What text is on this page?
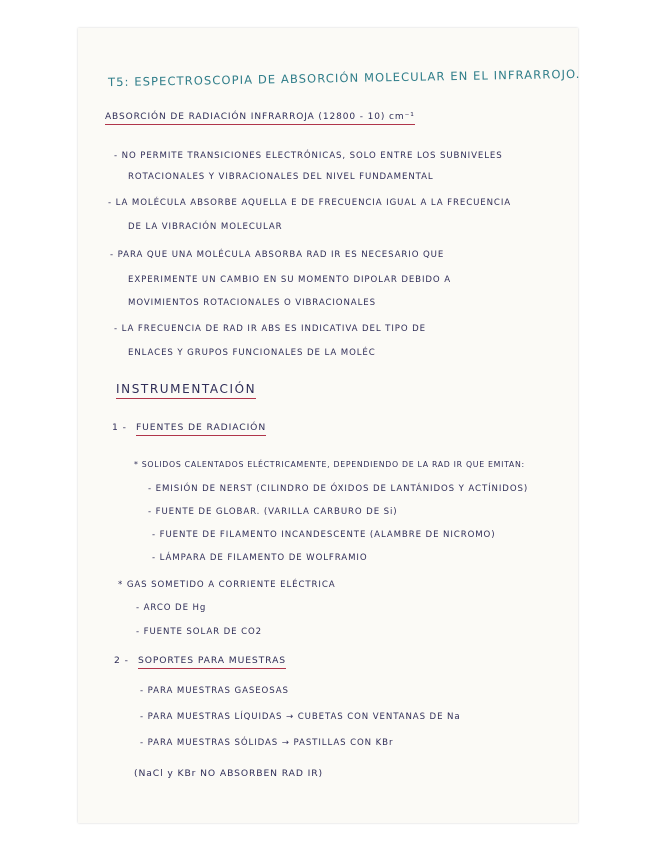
T5: ESPECTROSCOPIA DE ABSORCIÓN MOLECULAR EN EL INFRARROJO.
ABSORCIÓN DE RADIACIÓN INFRARROJA (12800 - 10) cm⁻¹
- NO PERMITE TRANSICIONES ELECTRÓNICAS, SOLO ENTRE LOS SUBNIVELES
ROTACIONALES Y VIBRACIONALES DEL NIVEL FUNDAMENTAL
- LA MOLÉCULA ABSORBE AQUELLA E DE FRECUENCIA IGUAL A LA FRECUENCIA
DE LA VIBRACIÓN MOLECULAR
- PARA QUE UNA MOLÉCULA ABSORBA RAD IR ES NECESARIO QUE
EXPERIMENTE UN CAMBIO EN SU MOMENTO DIPOLAR DEBIDO A
MOVIMIENTOS ROTACIONALES O VIBRACIONALES
- LA FRECUENCIA DE RAD IR ABS ES INDICATIVA DEL TIPO DE
ENLACES Y GRUPOS FUNCIONALES DE LA MOLÉC
INSTRUMENTACIÓN
1 - FUENTES DE RADIACIÓN
* SOLIDOS CALENTADOS ELÉCTRICAMENTE, DEPENDIENDO DE LA RAD IR QUE EMITAN:
- EMISIÓN DE NERST (CILINDRO DE ÓXIDOS DE LANTÁNIDOS Y ACTÍNIDOS)
- FUENTE DE GLOBAR. (VARILLA CARBURO DE Si)
- FUENTE DE FILAMENTO INCANDESCENTE (ALAMBRE DE NICROMO)
- LÁMPARA DE FILAMENTO DE WOLFRAMIO
* GAS SOMETIDO A CORRIENTE ELÉCTRICA
- ARCO DE Hg
- FUENTE SOLAR DE CO2
2 - SOPORTES PARA MUESTRAS
- PARA MUESTRAS GASEOSAS
- PARA MUESTRAS LÍQUIDAS → CUBETAS CON VENTANAS DE Na
- PARA MUESTRAS SÓLIDAS → PASTILLAS CON KBr
(NaCl y KBr NO ABSORBEN RAD IR)
